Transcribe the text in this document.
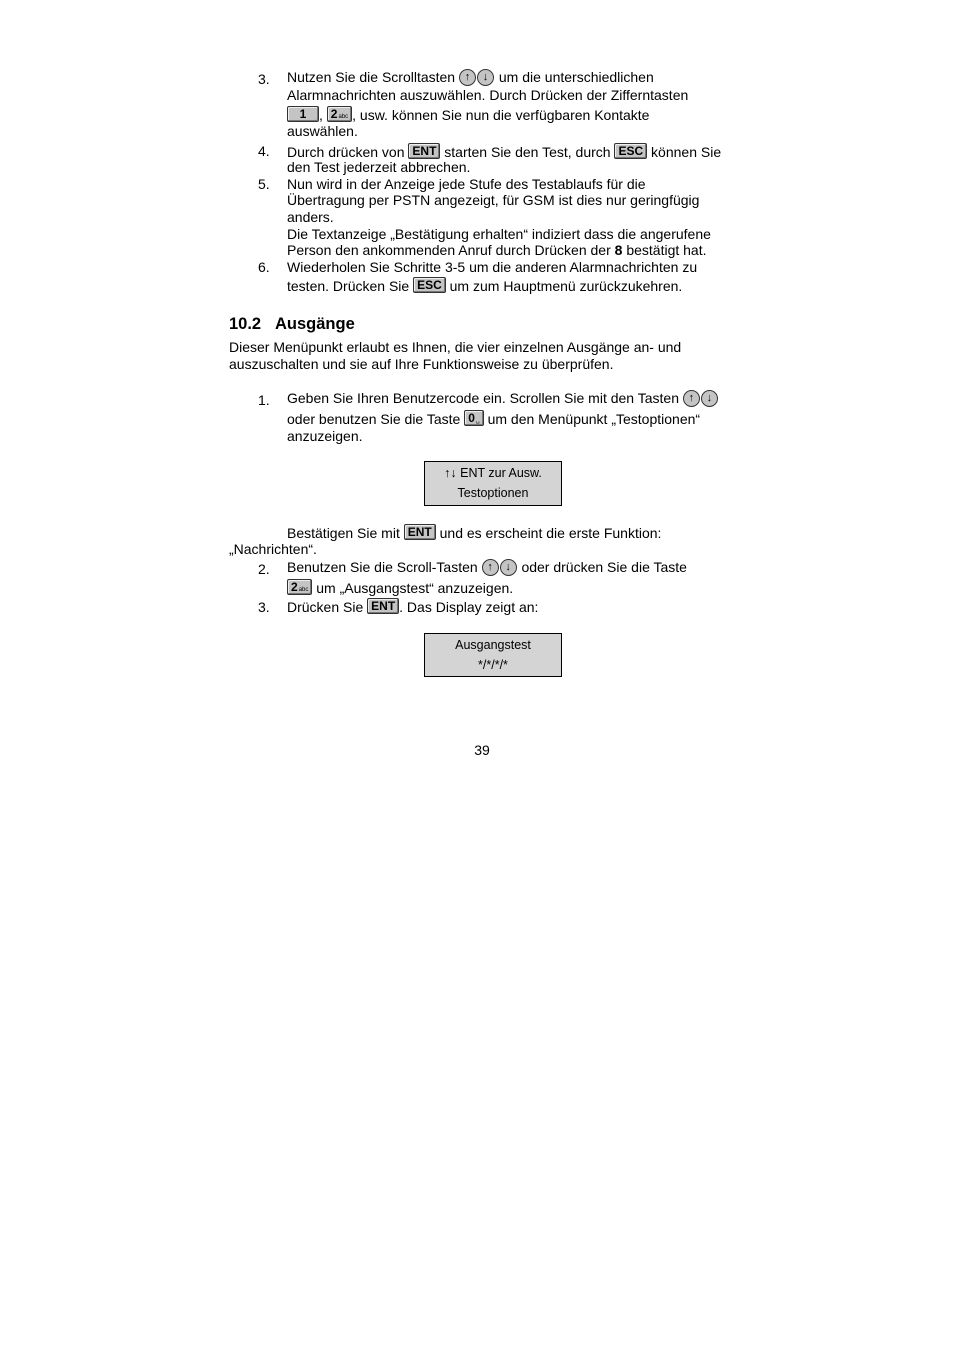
3. Nutzen Sie die Scrolltasten ↑ ↓ um die unterschiedlichen
Alarmnachrichten auszuwählen. Durch Drücken der Zifferntasten
1 , 2abc , usw. können Sie nun die verfügbaren Kontakte
auswählen.
4. Durch drücken von ENT starten Sie den Test, durch ESC können Sie
den Test jederzeit abbrechen.
5. Nun wird in der Anzeige jede Stufe des Testablaufs für die
Übertragung per PSTN angezeigt, für GSM ist dies nur geringfügig
anders.
Die Textanzeige „Bestätigung erhalten“ indiziert dass die angerufene
Person den ankommenden Anruf durch Drücken der 8 bestätigt hat.
6. Wiederholen Sie Schritte 3-5 um die anderen Alarmnachrichten zu
testen. Drücken Sie ESC um zum Hauptmenü zurückzukehren.
10.2 Ausgänge
Dieser Menüpunkt erlaubt es Ihnen, die vier einzelnen Ausgänge an- und
auszuschalten und sie auf Ihre Funktionsweise zu überprüfen.
1. Geben Sie Ihren Benutzercode ein. Scrollen Sie mit den Tasten ↑ ↓
oder benutzen Sie die Taste 0␣ um den Menüpunkt „Testoptionen“
anzuzeigen.
↑↓ ENT zur Ausw.
Testoptionen
Bestätigen Sie mit ENT und es erscheint die erste Funktion:
„Nachrichten“.
2. Benutzen Sie die Scroll-Tasten ↑ ↓ oder drücken Sie die Taste
2abc um „Ausgangstest“ anzuzeigen.
3. Drücken Sie ENT . Das Display zeigt an:
Ausgangstest
*/*/*/*
39
